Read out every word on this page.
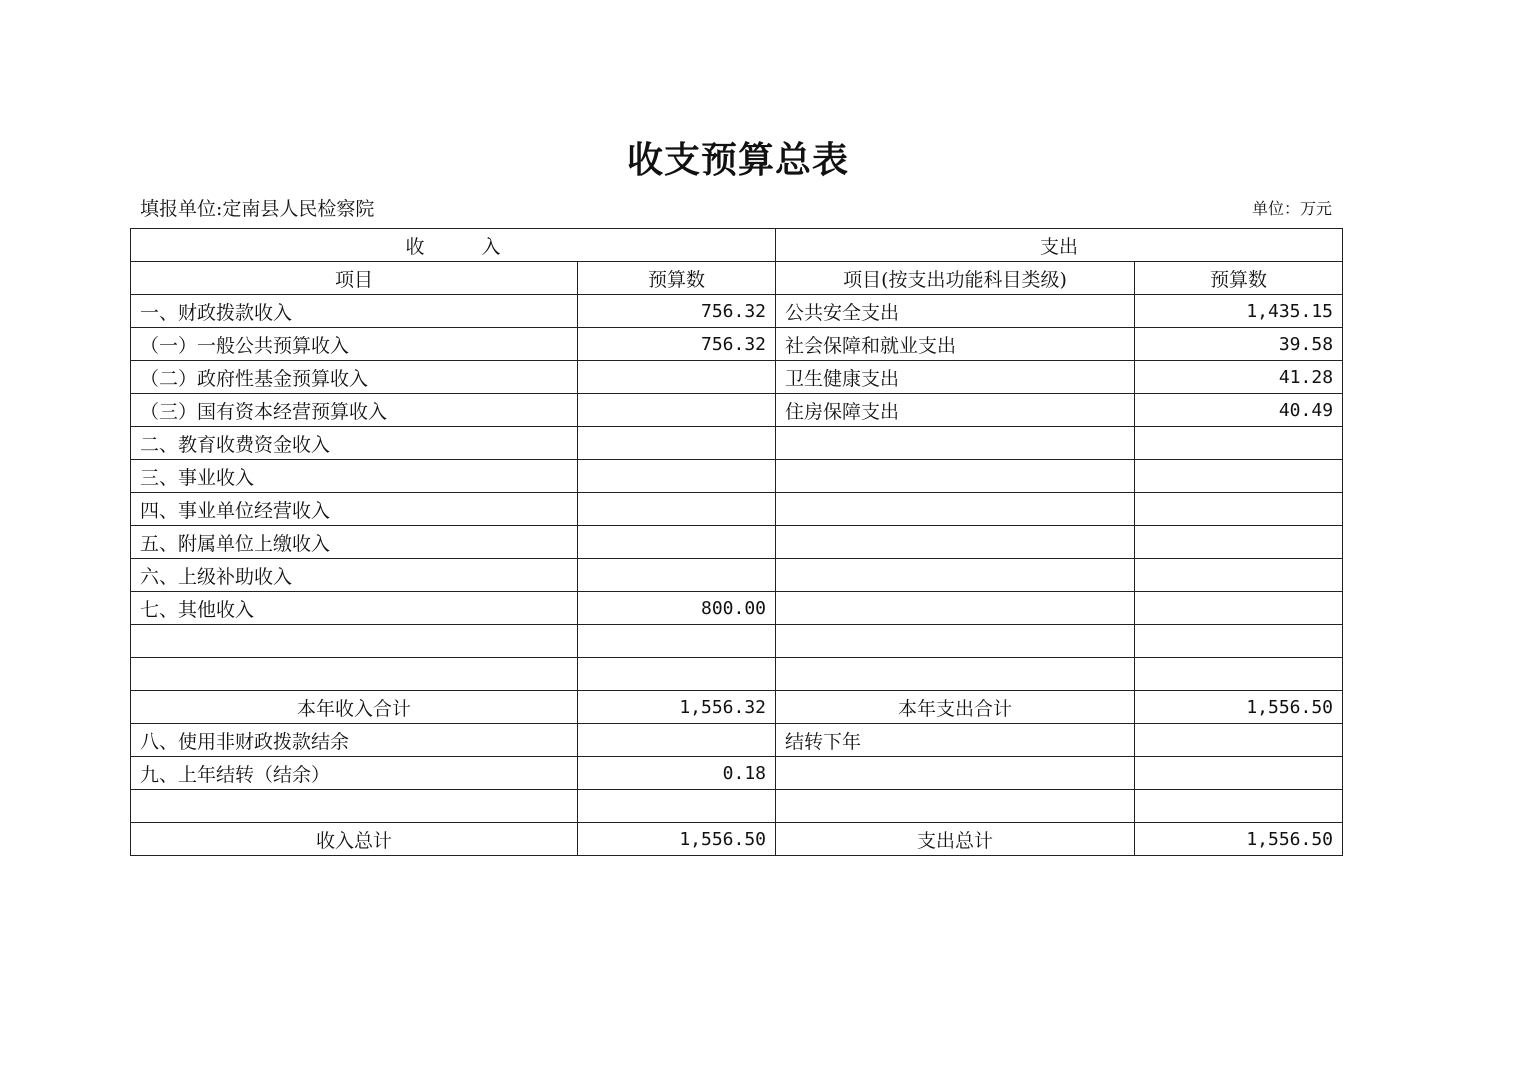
收支预算总表
填报单位:定南县人民检察院	单位：万元
收　　　入		支出	
项目	预算数	项目(按支出功能科目类级)	预算数
一、财政拨款收入	756.32	公共安全支出	1,435.15
（一）一般公共预算收入	756.32	社会保障和就业支出	39.58
（二）政府性基金预算收入		卫生健康支出	41.28
（三）国有资本经营预算收入		住房保障支出	40.49
二、教育收费资金收入			
三、事业收入			
四、事业单位经营收入			
五、附属单位上缴收入			
六、上级补助收入			
七、其他收入	800.00		

本年收入合计	1,556.32	本年支出合计	1,556.50
八、使用非财政拨款结余		结转下年	
九、上年结转（结余）	0.18		

收入总计	1,556.50	支出总计	1,556.50
